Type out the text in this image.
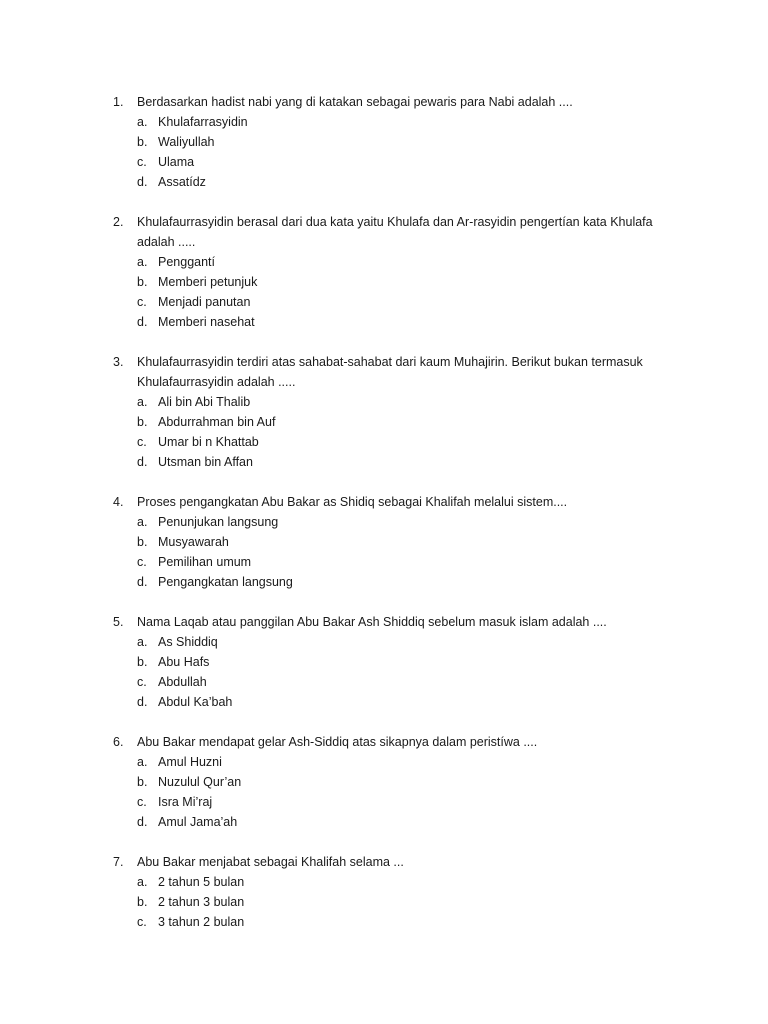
1.	Berdasarkan hadist nabi yang di katakan sebagai pewaris para Nabi adalah ....
a. Khulafarrasyidin
b. Waliyullah
c. Ulama
d. Assatídz
2.	Khulafaurrasyidin berasal dari dua kata yaitu Khulafa dan Ar-rasyidin pengertían kata Khulafa adalah .....
a. Penggantí
b. Memberi petunjuk
c. Menjadi panutan
d. Memberi nasehat
3.	Khulafaurrasyidin terdiri atas sahabat-sahabat dari kaum Muhajirin. Berikut bukan termasuk Khulafaurrasyidin adalah .....
a. Ali bin Abi Thalib
b. Abdurrahman bin Auf
c. Umar bi n Khattab
d. Utsman bin Affan
4.	Proses pengangkatan Abu Bakar as Shidiq sebagai Khalifah melalui sistem....
a. Penunjukan langsung
b. Musyawarah
c. Pemilihan umum
d. Pengangkatan langsung
5.	Nama Laqab atau panggilan Abu Bakar Ash Shiddiq sebelum masuk islam adalah ....
a. As Shiddiq
b. Abu Hafs
c. Abdullah
d. Abdul Ka’bah
6.	Abu Bakar mendapat gelar Ash-Siddiq atas sikapnya dalam peristíwa ....
a. Amul Huzni
b. Nuzulul Qur’an
c. Isra Mi’raj
d. Amul Jama’ah
7.	Abu Bakar menjabat sebagai Khalifah selama ...
a. 2 tahun 5 bulan
b. 2 tahun 3 bulan
c. 3 tahun 2 bulan
